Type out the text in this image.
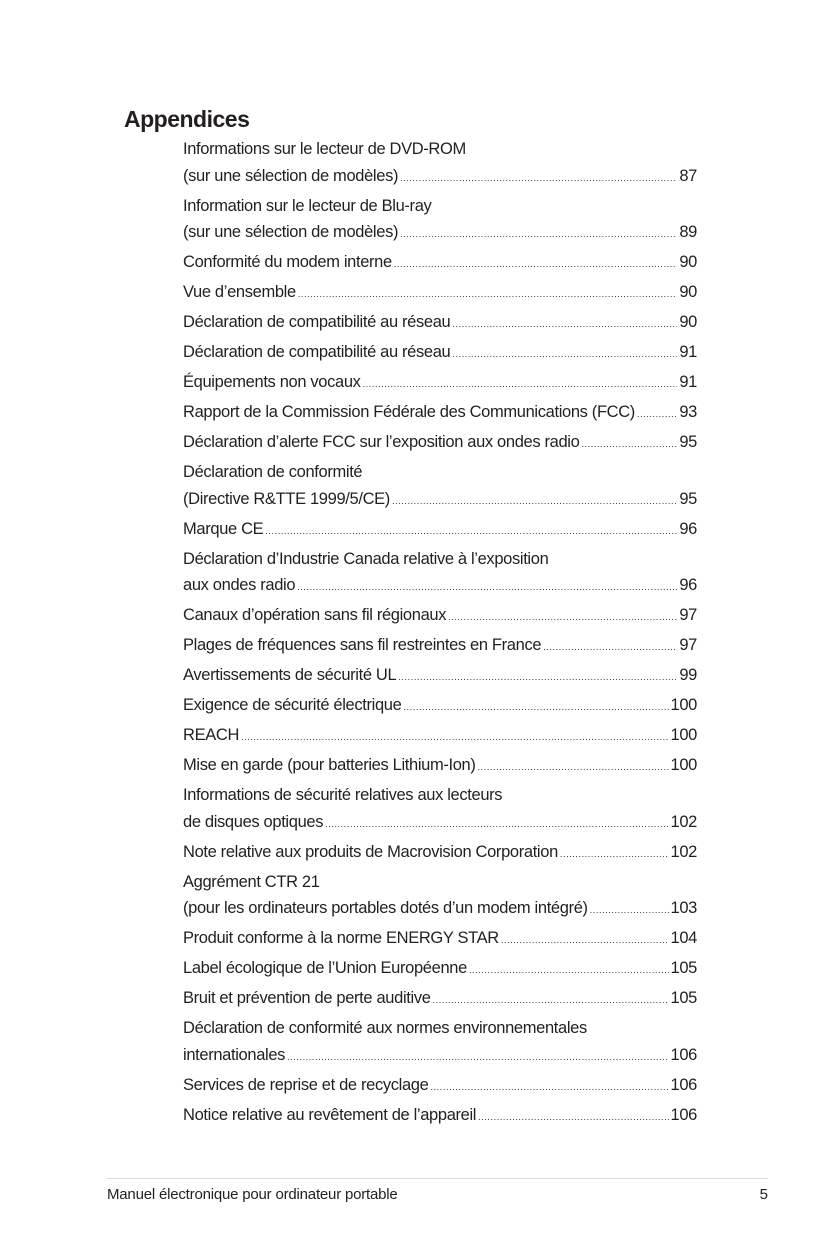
Appendices
Informations sur le lecteur de DVD-ROM
(sur une sélection de modèles) .....	87
Information sur le lecteur de Blu-ray
(sur une sélection de modèles) .....	89
Conformité du modem interne .....	90
Vue d’ensemble .....	90
Déclaration de compatibilité au réseau .....	90
Déclaration de compatibilité au réseau .....	91
Équipements non vocaux .....	91
Rapport de la Commission Fédérale des Communications (FCC) .....	93
Déclaration d’alerte FCC sur l’exposition aux ondes radio .....	95
Déclaration de conformité
(Directive R&TTE 1999/5/CE) .....	95
Marque CE .....	96
Déclaration d’Industrie Canada relative à l’exposition
aux ondes radio .....	96
Canaux d’opération sans fil régionaux .....	97
Plages de fréquences sans fil restreintes en France .....	97
Avertissements de sécurité UL .....	99
Exigence de sécurité électrique .....	100
REACH .....	100
Mise en garde (pour batteries Lithium-Ion) .....	100
Informations de sécurité relatives aux lecteurs
de disques optiques .....	102
Note relative aux produits de Macrovision Corporation .....	102
Aggrément CTR 21
(pour les ordinateurs portables dotés d’un modem intégré) .....	103
Produit conforme à la norme ENERGY STAR .....	104
Label écologique de l’Union Européenne .....	105
Bruit et prévention de perte auditive .....	105
Déclaration de conformité aux normes environnementales
internationales .....	106
Services de reprise et de recyclage .....	106
Notice relative au revêtement de l’appareil .....	106
Manuel électronique pour ordinateur portable	5
